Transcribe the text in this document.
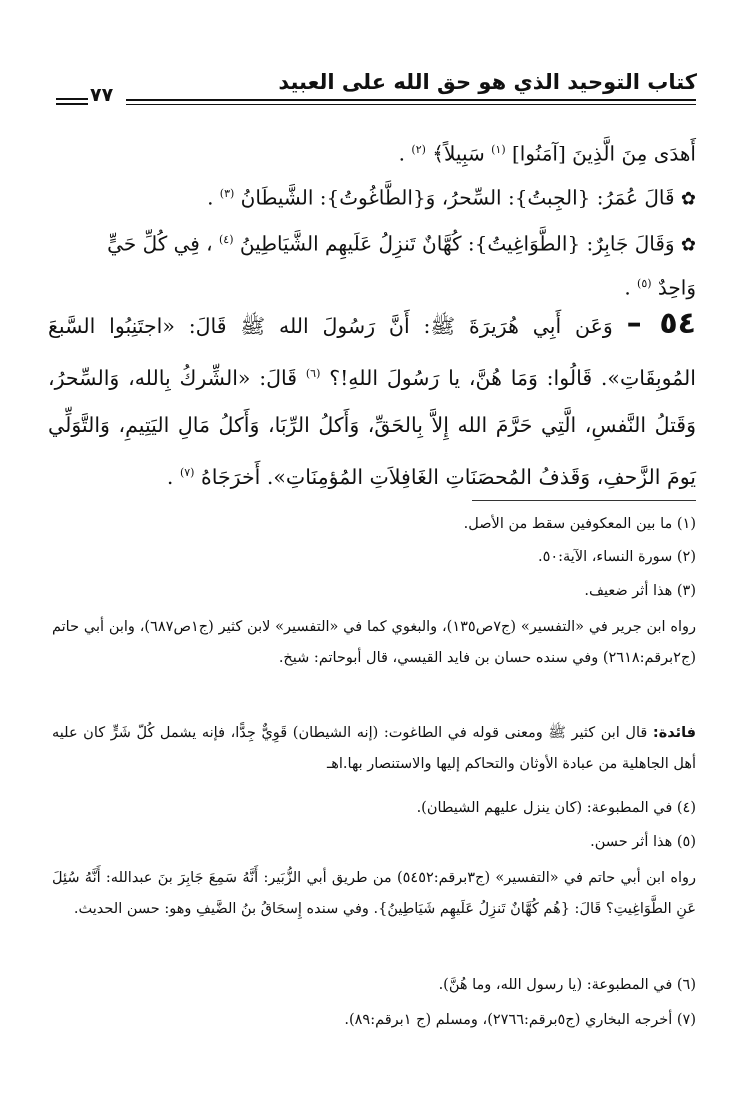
كتاب التوحيد الذي هو حق الله على العبيد
٧٧
أَهدَى مِنَ الَّذِينَ [آمَنُوا] $^{(١)}$ سَبِيلاً﴾ $^{(٢)}$ .
✿ قَالَ عُمَرُ: {الجِبتُ}: السِّحرُ، وَ{الطَّاغُوتُ}: الشَّيطَانُ $^{(٣)}$ .
✿ وَقَالَ جَابِرٌ: {الطَّوَاغِيتُ}: كُهَّانٌ تَنزِلُ عَلَيهِم الشَّيَاطِينُ $^{(٤)}$ ، فِي كُلِّ حَيٍّ
وَاحِدٌ $^{(٥)}$ .
٥٤ – وَعَن أَبِي هُرَيرَةَ ﷺ: أَنَّ رَسُولَ الله ﷺ قَالَ: «اجتَنِبُوا السَّبعَ المُوبِقَاتِ». قَالُوا: وَمَا هُنَّ، يا رَسُولَ اللهِ!؟ $^{(٦)}$ قَالَ: «الشِّركُ بِالله، وَالسِّحرُ، وَقَتلُ النَّفسِ، الَّتِي حَرَّمَ الله إِلاَّ بِالحَقِّ، وَأَكلُ الرِّبَا، وَأَكلُ مَالِ اليَتِيمِ، وَالتَّوَلِّي يَومَ الزَّحفِ، وَقَذفُ المُحصَنَاتِ الغَافِلاَتِ المُؤمِنَاتِ». أَخرَجَاهُ $^{(٧)}$ .
(١) ما بين المعكوفين سقط من الأصل.
(٢) سورة النساء، الآية:٥٠.
(٣) هذا أثر ضعيف.
رواه ابن جرير في «التفسير» (ج٧ص١٣٥)، والبغوي كما في «التفسير» لابن كثير (ج١ص٦٨٧)، وابن أبي حاتم (ج٢برقم:٢٦١٨) وفي سنده حسان بن فايد القيسي، قال أبوحاتم: شيخ.
فائدة: قال ابن كثير ﷺ ومعنى قوله في الطاغوت: (إنه الشيطان) قَوِيٌّ جِدًّا، فإنه يشمل كُلّ شَرٍّ كان عليه أهل الجاهلية من عبادة الأوثان والتحاكم إليها والاستنصار بها.اهـ
(٤) في المطبوعة: (كان ينزل عليهم الشيطان).
(٥) هذا أثر حسن.
رواه ابن أبي حاتم في «التفسير» (ج٣برقم:٥٤٥٢) من طريق أبي الزُّبَير: أَنَّهُ سَمِعَ جَابِرَ بنَ عبدالله: أَنَّهُ سُئِلَ عَنِ الطَّوَاغِيتِ؟ قَالَ: {هُم كُهَّانٌ تَنزِلُ عَلَيهِم شَيَاطِينُ}. وفي سنده إِسحَاقُ بنُ الضَّيفِ وهو: حسن الحديث.
(٦) في المطبوعة: (يا رسول الله، وما هُنَّ).
(٧) أخرجه البخاري (ج٥برقم:٢٧٦٦)، ومسلم (ج ١برقم:٨٩).
